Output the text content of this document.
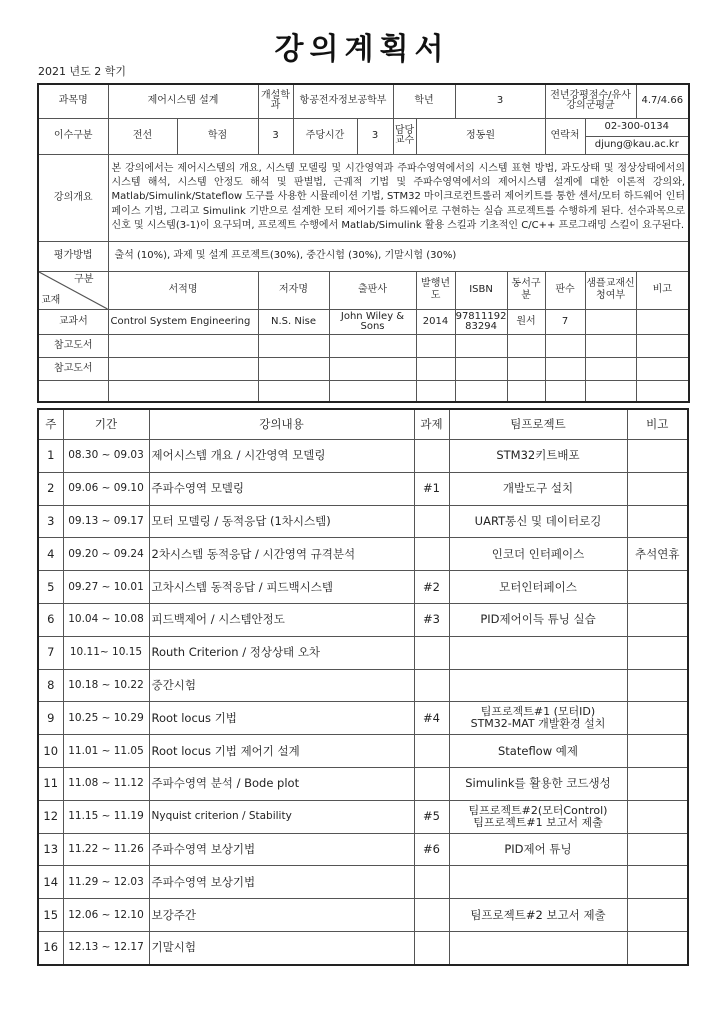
강의계획서
2021 년도 2 학기
과목명	제어시스템 설계		개설학과	항공전자정보공학부			학년		3		전년강평점수/유사강의군평균		4.7/4.66
이수구분	전선	학점	3	주당시간		3	담당교수	정동원			연락처	02-300-0134	
												djung@kau.ac.kr	
강의개요	본 강의에서는 제어시스템의 개요, 시스템 모델링 및 시간영역과 주파수영역에서의 시스템 표현 방법, 과도상태 및 정상상태에서의 시스템 해석, 시스템 안정도 해석 및 판별법, 근궤적 기법 및 주파수영역에서의 제어시스템 설계에 대한 이론적 강의와, Matlab/Simulink/Stateflow 도구를 사용한 시뮬레이션 기법, STM32 마이크로컨트롤러 제어키트를 통한 센서/모터 하드웨어 인터페이스 기법, 그리고 Simulink 기반으로 설계한 모터 제어기를 하드웨어로 구현하는 실습 프로젝트를 수행하게 된다. 선수과목으로 신호 및 시스템(3-1)이 요구되며, 프로젝트 수행에서 Matlab/Simulink 활용 스킬과 기초적인 C/C++ 프로그래밍 스킬이 요구된다.												
평가방법	출석 (10%), 과제 및 설계 프로젝트(30%), 중간시험 (30%), 기말시험 (30%)												

구분
교재	서적명		저자명		출판사			발행년도	ISBN	동서구분	판수	샘플교재신청여부	비고
교과서	Control System Engineering		N.S. Nise		John Wiley & Sons			2014	9781119283294	원서	7		
참고도서													
참고도서													

주	기간	강의내용	과제	팀프로젝트	비고
1	08.30 ~ 09.03	제어시스템 개요 / 시간영역 모델링		STM32키트배포	
2	09.06 ~ 09.10	주파수영역 모델링	#1	개발도구 설치	
3	09.13 ~ 09.17	모터 모델링 / 동적응답 (1차시스템)		UART통신 및 데이터로깅	
4	09.20 ~ 09.24	2차시스템 동적응답 / 시간영역 규격분석		인코더 인터페이스	추석연휴
5	09.27 ~ 10.01	고차시스템 동적응답 / 피드백시스템	#2	모터인터페이스	
6	10.04 ~ 10.08	피드백제어 / 시스템안정도	#3	PID제어이득 튜닝 실습	
7	10.11~ 10.15	Routh Criterion / 정상상태 오차			
8	10.18 ~ 10.22	중간시험			
9	10.25 ~ 10.29	Root locus 기법	#4	팀프로젝트#1 (모터ID)
STM32-MAT 개발환경 설치	

10	11.01 ~ 11.05	Root locus 기법 제어기 설계		Stateflow 예제	
11	11.08 ~ 11.12	주파수영역 분석 / Bode plot		Simulink를 활용한 코드생성	
12	11.15 ~ 11.19	Nyquist criterion / Stability	#5	팀프로젝트#2(모터Control)
팀프로젝트#1 보고서 제출	

13	11.22 ~ 11.26	주파수영역 보상기법	#6	PID제어 튜닝	
14	11.29 ~ 12.03	주파수영역 보상기법			
15	12.06 ~ 12.10	보강주간		팀프로젝트#2 보고서 제출	
16	12.13 ~ 12.17	기말시험			
